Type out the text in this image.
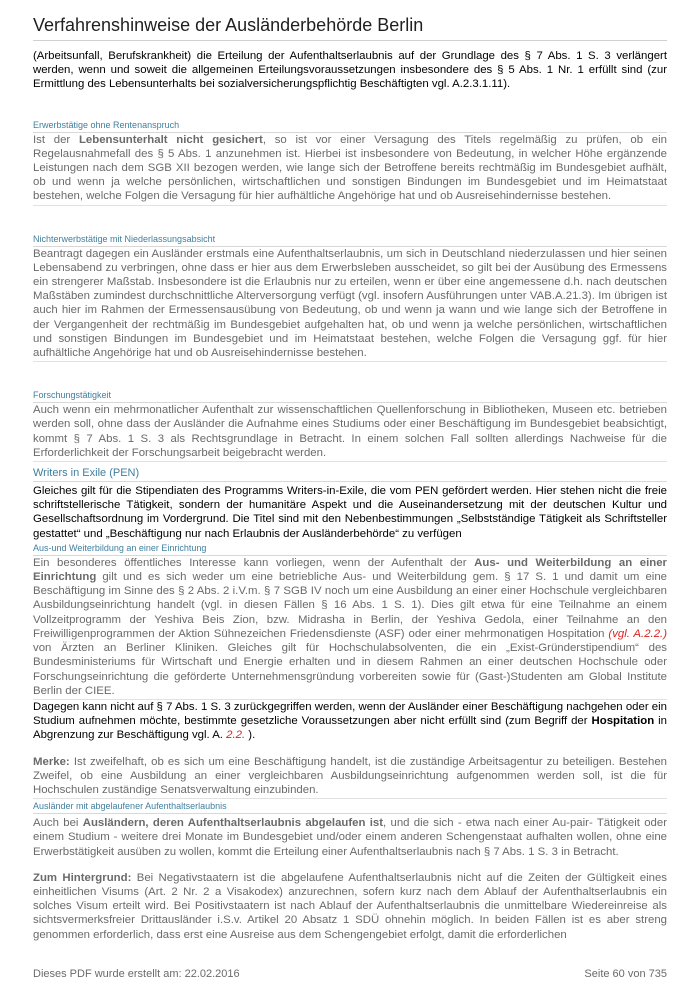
Verfahrenshinweise der Ausländerbehörde Berlin

(Arbeitsunfall, Berufskrankheit) die Erteilung der Aufenthaltserlaubnis auf der Grundlage des § 7 Abs. 1 S. 3 verlängert werden, wenn und soweit die allgemeinen Erteilungsvoraussetzungen insbesondere des § 5 Abs. 1 Nr. 1 erfüllt sind (zur Ermittlung des Lebensunterhalts bei sozialversicherungspflichtig Beschäftigten vgl. A.2.3.1.11).

Erwerbstätige ohne Rentenanspruch

Ist der Lebensunterhalt nicht gesichert, so ist vor einer Versagung des Titels regelmäßig zu prüfen, ob ein Regelausnahmefall des § 5 Abs. 1 anzunehmen ist. Hierbei ist insbesondere von Bedeutung, in welcher Höhe ergänzende Leistungen nach dem SGB XII bezogen werden, wie lange sich der Betroffene bereits rechtmäßig im Bundesgebiet aufhält, ob und wenn ja welche persönlichen, wirtschaftlichen und sonstigen Bindungen im Bundesgebiet und im Heimatstaat bestehen, welche Folgen die Versagung für hier aufhältliche Angehörige hat und ob Ausreisehindernisse bestehen.

Nichterwerbstätige mit Niederlassungsabsicht

Beantragt dagegen ein Ausländer erstmals eine Aufenthaltserlaubnis, um sich in Deutschland niederzulassen und hier seinen Lebensabend zu verbringen, ohne dass er hier aus dem Erwerbsleben ausscheidet, so gilt bei der Ausübung des Ermessens ein strengerer Maßstab. Insbesondere ist die Erlaubnis nur zu erteilen, wenn er über eine angemessene d.h. nach deutschen Maßstäben zumindest durchschnittliche Alterversorgung verfügt (vgl. insofern Ausführungen unter VAB.A.21.3). Im übrigen ist auch hier im Rahmen der Ermessensausübung von Bedeutung, ob und wenn ja wann und wie lange sich der Betroffene in der Vergangenheit der rechtmäßig im Bundesgebiet aufgehalten hat, ob und wenn ja welche persönlichen, wirtschaftlichen und sonstigen Bindungen im Bundesgebiet und im Heimatstaat bestehen, welche Folgen die Versagung ggf. für hier aufhältliche Angehörige hat und ob Ausreisehindernisse bestehen.

Forschungstätigkeit

Auch wenn ein mehrmonatlicher Aufenthalt zur wissenschaftlichen Quellenforschung in Bibliotheken, Museen etc. betrieben werden soll, ohne dass der Ausländer die Aufnahme eines Studiums oder einer Beschäftigung im Bundesgebiet beabsichtigt, kommt § 7 Abs. 1 S. 3 als Rechtsgrundlage in Betracht. In einem solchen Fall sollten allerdings Nachweise für die Erforderlichkeit der Forschungsarbeit beigebracht werden.

Writers in Exile (PEN)

Gleiches gilt für die Stipendiaten des Programms Writers-in-Exile, die vom PEN gefördert werden. Hier stehen nicht die freie schriftstellerische Tätigkeit, sondern der humanitäre Aspekt und die Auseinandersetzung mit der deutschen Kultur und Gesellschaftsordnung im Vordergrund. Die Titel sind mit den Nebenbestimmungen „Selbstständige Tätigkeit als Schriftsteller gestattet“ und „Beschäftigung nur nach Erlaubnis der Ausländerbehörde“ zu verfügen

Aus-und Weiterbildung an einer Einrichtung

Ein besonderes öffentliches Interesse kann vorliegen, wenn der Aufenthalt der Aus- und Weiterbildung an einer Einrichtung gilt und es sich weder um eine betriebliche Aus- und Weiterbildung gem. § 17 S. 1 und damit um eine Beschäftigung im Sinne des § 2 Abs. 2 i.V.m. § 7 SGB IV noch um eine Ausbildung an einer einer Hochschule vergleichbaren Ausbildungseinrichtung handelt (vgl. in diesen Fällen § 16 Abs. 1 S. 1). Dies gilt etwa für eine Teilnahme an einem Vollzeitprogramm der Yeshiva Beis Zion, bzw. Midrasha in Berlin, der Yeshiva Gedola, einer Teilnahme an den Freiwilligenprogrammen der Aktion Sühnezeichen Friedensdienste (ASF) oder einer mehrmonatigen Hospitation (vgl. A.2.2.) von Ärzten an Berliner Kliniken. Gleiches gilt für Hochschulabsolventen, die ein „Exist-Gründerstipendium“ des Bundesministeriums für Wirtschaft und Energie erhalten und in diesem Rahmen an einer deutschen Hochschule oder Forschungseinrichtung die geförderte Unternehmensgründung vorbereiten sowie für (Gast-)Studenten am Global Institute Berlin der CIEE.

Dagegen kann nicht auf § 7 Abs. 1 S. 3 zurückgegriffen werden, wenn der Ausländer einer Beschäftigung nachgehen oder ein Studium aufnehmen möchte, bestimmte gesetzliche Voraussetzungen aber nicht erfüllt sind (zum Begriff der Hospitation in Abgrenzung zur Beschäftigung vgl. A. 2.2. ).

Merke: Ist zweifelhaft, ob es sich um eine Beschäftigung handelt, ist die zuständige Arbeitsagentur zu beteiligen. Bestehen Zweifel, ob eine Ausbildung an einer vergleichbaren Ausbildungseinrichtung aufgenommen werden soll, ist die für Hochschulen zuständige Senatsverwaltung einzubinden.

Ausländer mit abgelaufener Aufenthaltserlaubnis

Auch bei Ausländern, deren Aufenthaltserlaubnis abgelaufen ist, und die sich - etwa nach einer Au-pair- Tätigkeit oder einem Studium - weitere drei Monate im Bundesgebiet und/oder einem anderen Schengenstaat aufhalten wollen, ohne eine Erwerbstätigkeit ausüben zu wollen, kommt die Erteilung einer Aufenthaltserlaubnis nach § 7 Abs. 1 S. 3 in Betracht.

Zum Hintergrund: Bei Negativstaatern ist die abgelaufene Aufenthaltserlaubnis nicht auf die Zeiten der Gültigkeit eines einheitlichen Visums (Art. 2 Nr. 2 a Visakodex) anzurechnen, sofern kurz nach dem Ablauf der Aufenthaltserlaubnis ein solches Visum erteilt wird. Bei Positivstaatern ist nach Ablauf der Aufenthaltserlaubnis die unmittelbare Wiedereinreise als sichtsvermerksfreier Drittausländer i.S.v. Artikel 20 Absatz 1 SDÜ ohnehin möglich. In beiden Fällen ist es aber streng genommen erforderlich, dass erst eine Ausreise aus dem Schengengebiet erfolgt, damit die erforderlichen

Dieses PDF wurde erstellt am: 22.02.2016	Seite 60 von 735
